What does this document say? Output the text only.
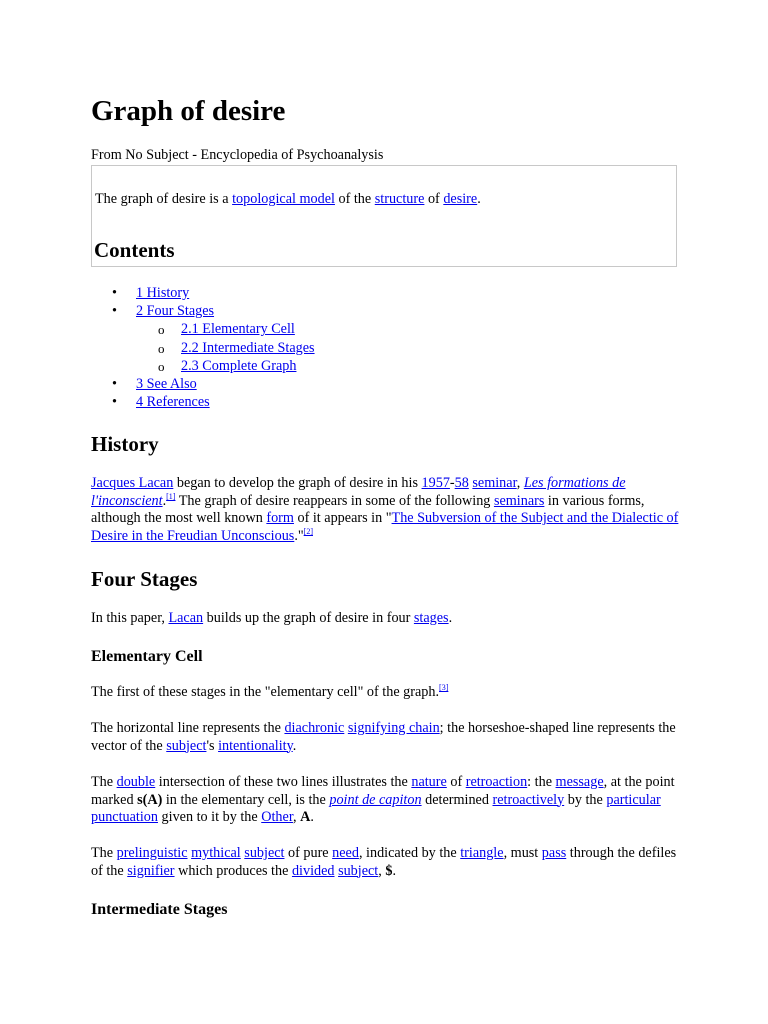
Graph of desire
From No Subject - Encyclopedia of Psychoanalysis
The graph of desire is a topological model of the structure of desire.
Contents
• 1 History
• 2 Four Stages
o 2.1 Elementary Cell
o 2.2 Intermediate Stages
o 2.3 Complete Graph
• 3 See Also
• 4 References
History

Jacques Lacan began to develop the graph of desire in his 1957-58 seminar, Les formations de l'inconscient.[1] The graph of desire reappears in some of the following seminars in various forms, although the most well known form of it appears in "The Subversion of the Subject and the Dialectic of Desire in the Freudian Unconscious."[2]

Four Stages

In this paper, Lacan builds up the graph of desire in four stages.

Elementary Cell

The first of these stages in the "elementary cell" of the graph.[3]

The horizontal line represents the diachronic signifying chain; the horseshoe-shaped line represents the vector of the subject's intentionality.

The double intersection of these two lines illustrates the nature of retroaction: the message, at the point marked s(A) in the elementary cell, is the point de capiton determined retroactively by the particular punctuation given to it by the Other, A.

The prelinguistic mythical subject of pure need, indicated by the triangle, must pass through the defiles of the signifier which produces the divided subject, $.

Intermediate Stages
